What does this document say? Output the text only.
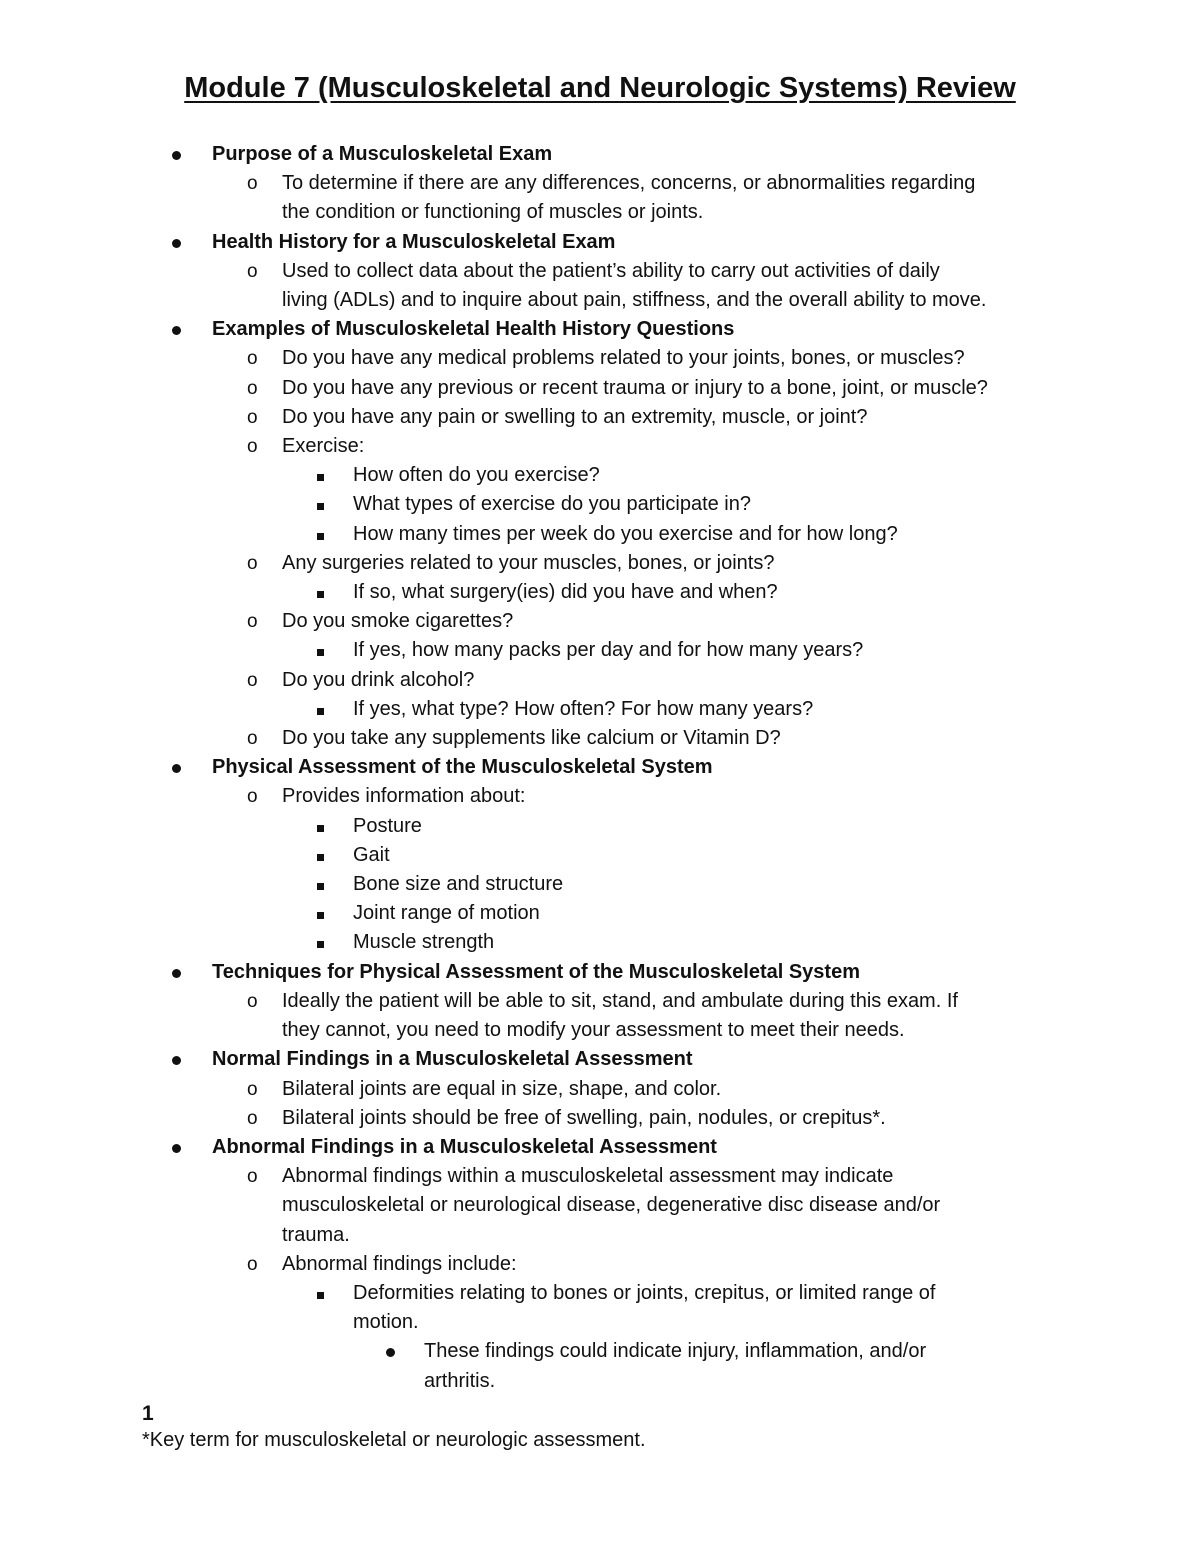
Module 7 (Musculoskeletal and Neurologic Systems) Review
Purpose of a Musculoskeletal Exam
o To determine if there are any differences, concerns, or abnormalities regarding
the condition or functioning of muscles or joints.
Health History for a Musculoskeletal Exam
o Used to collect data about the patient’s ability to carry out activities of daily
living (ADLs) and to inquire about pain, stiffness, and the overall ability to move.
Examples of Musculoskeletal Health History Questions
o Do you have any medical problems related to your joints, bones, or muscles?
o Do you have any previous or recent trauma or injury to a bone, joint, or muscle?
o Do you have any pain or swelling to an extremity, muscle, or joint?
o Exercise:
How often do you exercise?
What types of exercise do you participate in?
How many times per week do you exercise and for how long?
o Any surgeries related to your muscles, bones, or joints?
If so, what surgery(ies) did you have and when?
o Do you smoke cigarettes?
If yes, how many packs per day and for how many years?
o Do you drink alcohol?
If yes, what type? How often? For how many years?
o Do you take any supplements like calcium or Vitamin D?
Physical Assessment of the Musculoskeletal System
o Provides information about:
Posture
Gait
Bone size and structure
Joint range of motion
Muscle strength
Techniques for Physical Assessment of the Musculoskeletal System
o Ideally the patient will be able to sit, stand, and ambulate during this exam. If
they cannot, you need to modify your assessment to meet their needs.
Normal Findings in a Musculoskeletal Assessment
o Bilateral joints are equal in size, shape, and color.
o Bilateral joints should be free of swelling, pain, nodules, or crepitus*.
Abnormal Findings in a Musculoskeletal Assessment
o Abnormal findings within a musculoskeletal assessment may indicate
musculoskeletal or neurological disease, degenerative disc disease and/or
trauma.
o Abnormal findings include:
Deformities relating to bones or joints, crepitus, or limited range of
motion.
These findings could indicate injury, inflammation, and/or
arthritis.
1
*Key term for musculoskeletal or neurologic assessment.
